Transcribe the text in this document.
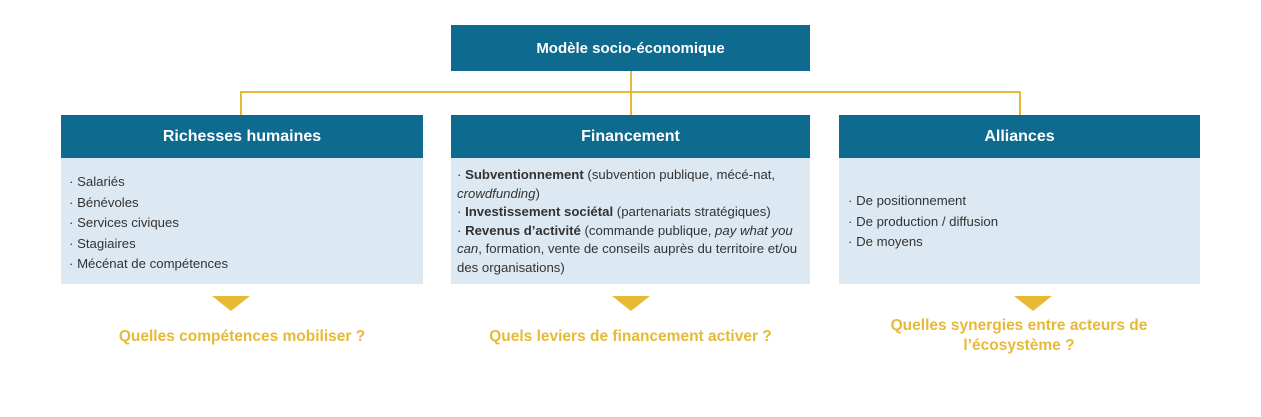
Modèle socio-économique
Richesses humaines
· Salariés
· Bénévoles
· Services civiques
· Stagiaires
· Mécénat de compétences
Quelles compétences mobiliser ?
Financement
· Subventionnement (subvention publique, mécé-nat, crowdfunding)
· Investissement sociétal (partenariats stratégiques)
· Revenus d’activité (commande publique, pay what you can, formation, vente de conseils auprès du territoire et/ou des organisations)
Quels leviers de financement activer ?
Alliances
· De positionnement
· De production / diffusion
· De moyens
Quelles synergies entre acteurs de l’écosystème ?
